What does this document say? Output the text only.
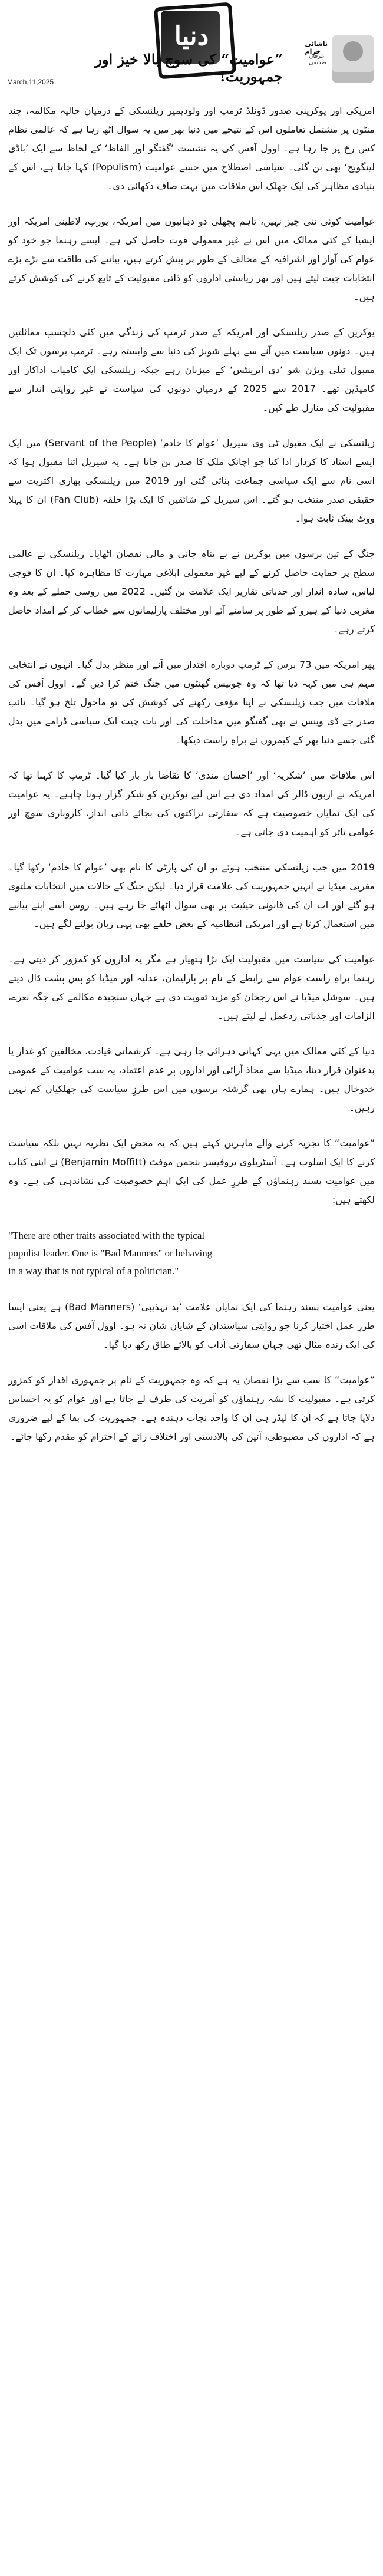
دنیا	ناشائی خرام
عرفان صدیقی
”عوامیت“ کی سوچ بالا خیز اور جمہوریت!
March,11,2025

امریکی اور یوکرینی صدور ڈونلڈ ٹرمپ اور ولودیمیر زیلنسکی کے درمیان حالیہ مکالمہ، چند منٹوں پر مشتمل تعاملوں اس کے نتیجے میں دنیا بھر میں یہ سوال اٹھ رہا ہے کہ عالمی نظام کس رخ پر جا رہا ہے۔ اوول آفس کی یہ نشست ’گفتگو اور الفاظ‘ کے لحاظ سے ایک ’باڈی لینگویج‘ بھی بن گئی۔ سیاسی اصطلاح میں جسے عوامیت (Populism) کہا جاتا ہے، اس کے بنیادی مظاہر کی ایک جھلک اس ملاقات میں بہت صاف دکھائی دی۔

عوامیت کوئی نئی چیز نہیں، تاہم پچھلی دو دہائیوں میں امریکہ، یورپ، لاطینی امریکہ اور ایشیا کے کئی ممالک میں اس نے غیر معمولی قوت حاصل کی ہے۔ ایسے رہنما جو خود کو عوام کی آواز اور اشرافیہ کے مخالف کے طور پر پیش کرتے ہیں، بیانیے کی طاقت سے بڑے بڑے انتخابات جیت لیتے ہیں اور پھر ریاستی اداروں کو ذاتی مقبولیت کے تابع کرنے کی کوشش کرتے ہیں۔

یوکرین کے صدر زیلنسکی اور امریکہ کے صدر ٹرمپ کی زندگی میں کئی دلچسپ مماثلتیں ہیں۔ دونوں سیاست میں آنے سے پہلے شوبز کی دنیا سے وابستہ رہے۔ ٹرمپ برسوں تک ایک مقبول ٹیلی ویژن شو ’دی اپرینٹس‘ کے میزبان رہے جبکہ زیلنسکی ایک کامیاب اداکار اور کامیڈین تھے۔ 2017 سے 2025 کے درمیان دونوں کی سیاست نے غیر روایتی انداز سے مقبولیت کی منازل طے کیں۔

زیلنسکی نے ایک مقبول ٹی وی سیریل ’عوام کا خادم‘ (Servant of the People) میں ایک ایسے استاد کا کردار ادا کیا جو اچانک ملک کا صدر بن جاتا ہے۔ یہ سیریل اتنا مقبول ہوا کہ اسی نام سے ایک سیاسی جماعت بنائی گئی اور 2019 میں زیلنسکی بھاری اکثریت سے حقیقی صدر منتخب ہو گئے۔ اس سیریل کے شائقین کا ایک بڑا حلقہ (Fan Club) ان کا پہلا ووٹ بینک ثابت ہوا۔

جنگ کے تین برسوں میں یوکرین نے بے پناہ جانی و مالی نقصان اٹھایا۔ زیلنسکی نے عالمی سطح پر حمایت حاصل کرنے کے لیے غیر معمولی ابلاغی مہارت کا مظاہرہ کیا۔ ان کا فوجی لباس، سادہ انداز اور جذباتی تقاریر ایک علامت بن گئیں۔ 2022 میں روسی حملے کے بعد وہ مغربی دنیا کے ہیرو کے طور پر سامنے آئے اور مختلف پارلیمانوں سے خطاب کر کے امداد حاصل کرتے رہے۔

پھر امریکہ میں 73 برس کے ٹرمپ دوبارہ اقتدار میں آئے اور منظر بدل گیا۔ انہوں نے انتخابی مہم ہی میں کہہ دیا تھا کہ وہ چوبیس گھنٹوں میں جنگ ختم کرا دیں گے۔ اوول آفس کی ملاقات میں جب زیلنسکی نے اپنا مؤقف رکھنے کی کوشش کی تو ماحول تلخ ہو گیا۔ نائب صدر جے ڈی وینس نے بھی گفتگو میں مداخلت کی اور بات چیت ایک سیاسی ڈرامے میں بدل گئی جسے دنیا بھر کے کیمروں نے براہِ راست دیکھا۔

اس ملاقات میں ’شکریہ‘ اور ’احسان مندی‘ کا تقاضا بار بار کیا گیا۔ ٹرمپ کا کہنا تھا کہ امریکہ نے اربوں ڈالر کی امداد دی ہے اس لیے یوکرین کو شکر گزار ہونا چاہیے۔ یہ عوامیت کی ایک نمایاں خصوصیت ہے کہ سفارتی نزاکتوں کی بجائے ذاتی انداز، کاروباری سوچ اور عوامی تاثر کو اہمیت دی جاتی ہے۔

2019 میں جب زیلنسکی منتخب ہوئے تو ان کی پارٹی کا نام بھی ’عوام کا خادم‘ رکھا گیا۔ مغربی میڈیا نے انہیں جمہوریت کی علامت قرار دیا۔ لیکن جنگ کے حالات میں انتخابات ملتوی ہو گئے اور اب ان کی قانونی حیثیت پر بھی سوال اٹھائے جا رہے ہیں۔ روس اسے اپنے بیانیے میں استعمال کرتا ہے اور امریکی انتظامیہ کے بعض حلقے بھی یہی زبان بولنے لگے ہیں۔

عوامیت کی سیاست میں مقبولیت ایک بڑا ہتھیار ہے مگر یہ اداروں کو کمزور کر دیتی ہے۔ رہنما براہِ راست عوام سے رابطے کے نام پر پارلیمان، عدلیہ اور میڈیا کو پس پشت ڈال دیتے ہیں۔ سوشل میڈیا نے اس رجحان کو مزید تقویت دی ہے جہاں سنجیدہ مکالمے کی جگہ نعرے، الزامات اور جذباتی ردعمل لے لیتے ہیں۔

دنیا کے کئی ممالک میں یہی کہانی دہرائی جا رہی ہے۔ کرشماتی قیادت، مخالفین کو غدار یا بدعنوان قرار دینا، میڈیا سے محاذ آرائی اور اداروں پر عدم اعتماد، یہ سب عوامیت کے عمومی خدوخال ہیں۔ ہمارے ہاں بھی گزشتہ برسوں میں اس طرزِ سیاست کی جھلکیاں کم نہیں رہیں۔

”عوامیت“ کا تجزیہ کرنے والے ماہرین کہتے ہیں کہ یہ محض ایک نظریہ نہیں بلکہ سیاست کرنے کا ایک اسلوب ہے۔ آسٹریلوی پروفیسر بنجمن موفٹ (Benjamin Moffitt) نے اپنی کتاب میں عوامیت پسند رہنماؤں کے طرزِ عمل کی ایک اہم خصوصیت کی نشاندہی کی ہے۔ وہ لکھتے ہیں:

"There are other traits associated with the typical
populist leader. One is "Bad Manners" or behaving
in a way that is not typical of a politician."

یعنی عوامیت پسند رہنما کی ایک نمایاں علامت ’بد تہذیبی‘ (Bad Manners) ہے یعنی ایسا طرزِ عمل اختیار کرنا جو روایتی سیاستدان کے شایان شان نہ ہو۔ اوول آفس کی ملاقات اسی کی ایک زندہ مثال تھی جہاں سفارتی آداب کو بالائے طاق رکھ دیا گیا۔

”عوامیت“ کا سب سے بڑا نقصان یہ ہے کہ وہ جمہوریت کے نام پر جمہوری اقدار کو کمزور کرتی ہے۔ مقبولیت کا نشہ رہنماؤں کو آمریت کی طرف لے جاتا ہے اور عوام کو یہ احساس دلایا جاتا ہے کہ ان کا لیڈر ہی ان کا واحد نجات دہندہ ہے۔ جمہوریت کی بقا کے لیے ضروری ہے کہ اداروں کی مضبوطی، آئین کی بالادستی اور اختلاف رائے کے احترام کو مقدم رکھا جائے۔
